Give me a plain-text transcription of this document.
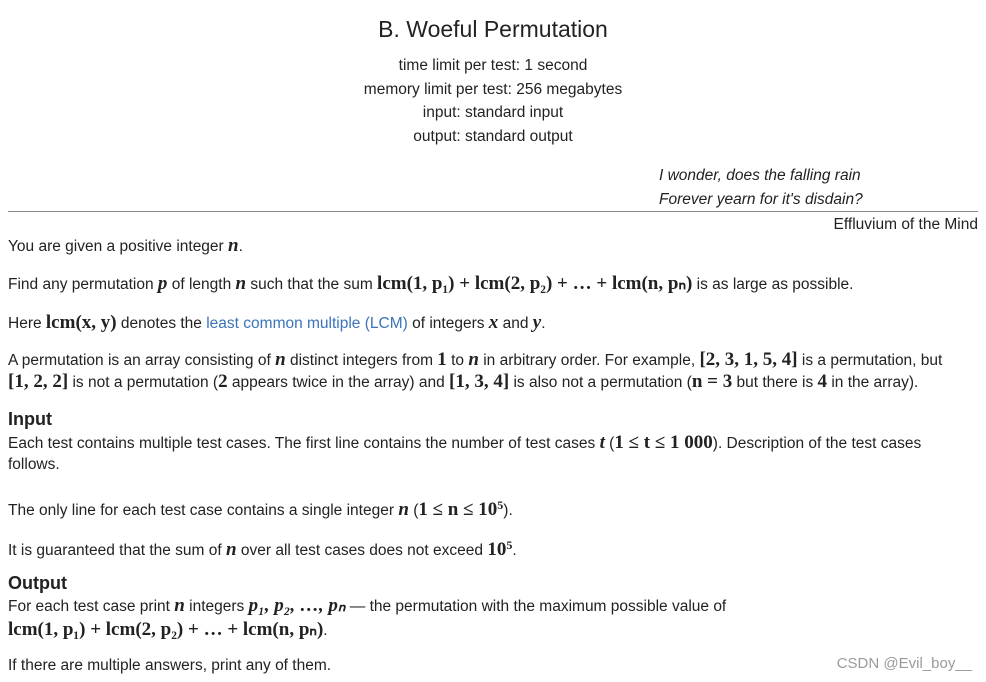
B. Woeful Permutation
time limit per test: 1 second
memory limit per test: 256 megabytes
input: standard input
output: standard output
I wonder, does the falling rain
Forever yearn for it's disdain?
Effluvium of the Mind
You are given a positive integer n.
Find any permutation p of length n such that the sum lcm(1, p₁) + lcm(2, p₂) + … + lcm(n, pₙ) is as large as possible.
Here lcm(x, y) denotes the least common multiple (LCM) of integers x and y.
A permutation is an array consisting of n distinct integers from 1 to n in arbitrary order. For example, [2, 3, 1, 5, 4] is a permutation, but
[1, 2, 2] is not a permutation (2 appears twice in the array) and [1, 3, 4] is also not a permutation (n = 3 but there is 4 in the array).
Input
Each test contains multiple test cases. The first line contains the number of test cases t (1 ≤ t ≤ 1 000). Description of the test cases
follows.
The only line for each test case contains a single integer n $(1 \le n \le 10^5)$.
It is guaranteed that the sum of n over all test cases does not exceed $10^5$.
Output
For each test case print n integers p₁, p₂, …, pₙ — the permutation with the maximum possible value of
lcm(1, p₁) + lcm(2, p₂) + … + lcm(n, pₙ).
If there are multiple answers, print any of them.	CSDN @Evil_boy__
